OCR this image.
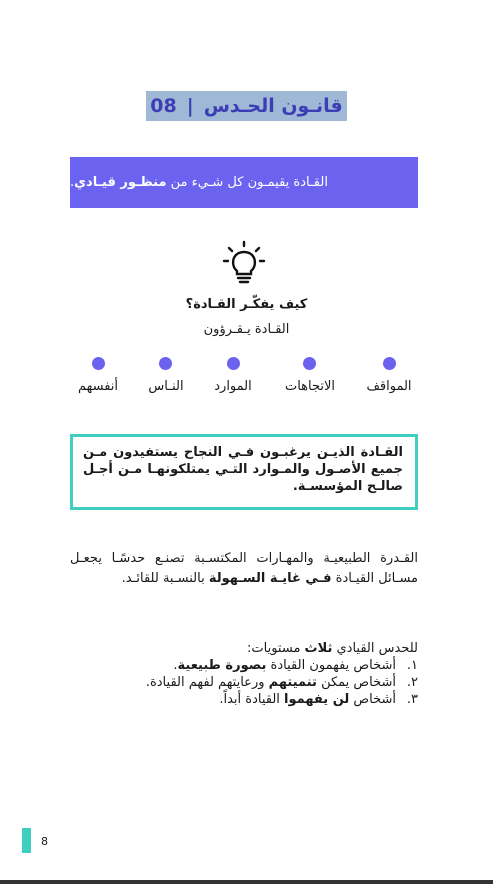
قانـون الحـدس|08
القـادة يقيمـون كل شـيء من منظـور قيـادي.
كيف يفكّـر القـادة؟
القـادة يـقـرؤون
المواقف
الاتجاهات
الموارد
النـاس
أنفسهم
القـادة الذيـن يرغبـون فـي النجاح يستفيدون مـن جميع الأصـول والمـوارد التـي يمتلكونهـا مـن أجـل صالـح المؤسسـة.
القـدرة الطبيعيـة والمهـارات المكتسـبة تصنـع حدسًـا يجعـل مسـائل القيـادة فـي غايـة السـهولة بالنسـبة للقائـد.
للحدس القيادي ثلاث مستويات:
١.
أشخاص يفهمون القيادة بصورة طبيعية.
٢.
أشخاص يمكن تنميتهم ورعايتهم لفهم القيادة.
٣.
أشخاص لن يفهموا القيادة أبداً.
8
